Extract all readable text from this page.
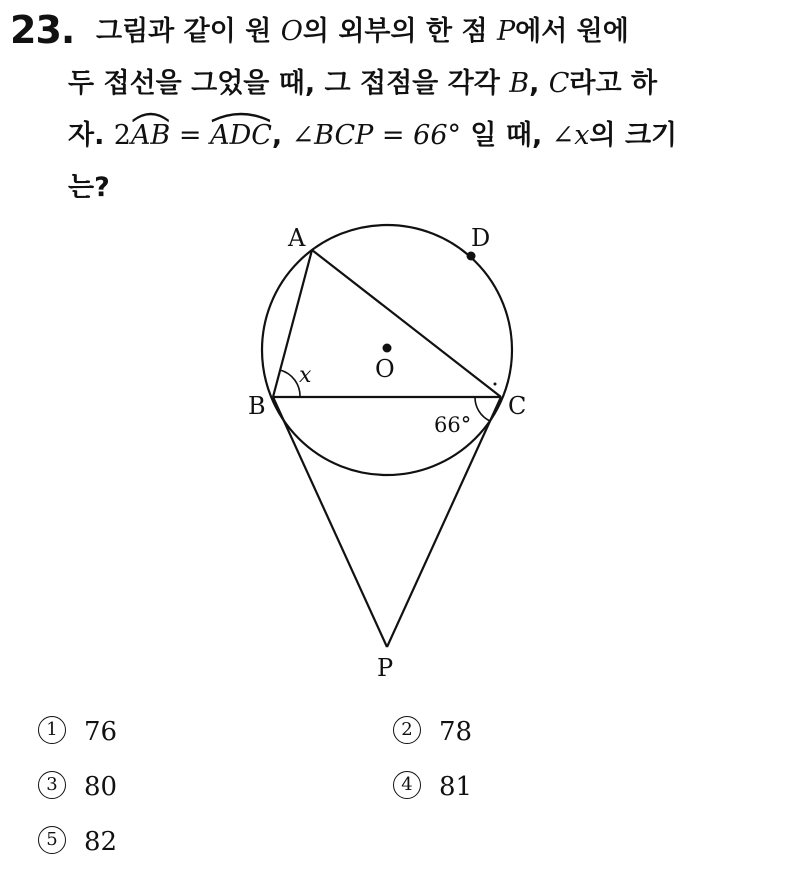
23. 그림과 같이 원 O의 외부의 한 점 P에서 원에
두 접선을 그었을 때, 그 접점을 각각 B, C라고 하
자. 2
AB =
ADC, ∠BCP = 66° 일 때, ∠x의 크기
는?
A	D
O
B	C
P
x
66°
1 76	2 78
3 80	4 81
5 82
